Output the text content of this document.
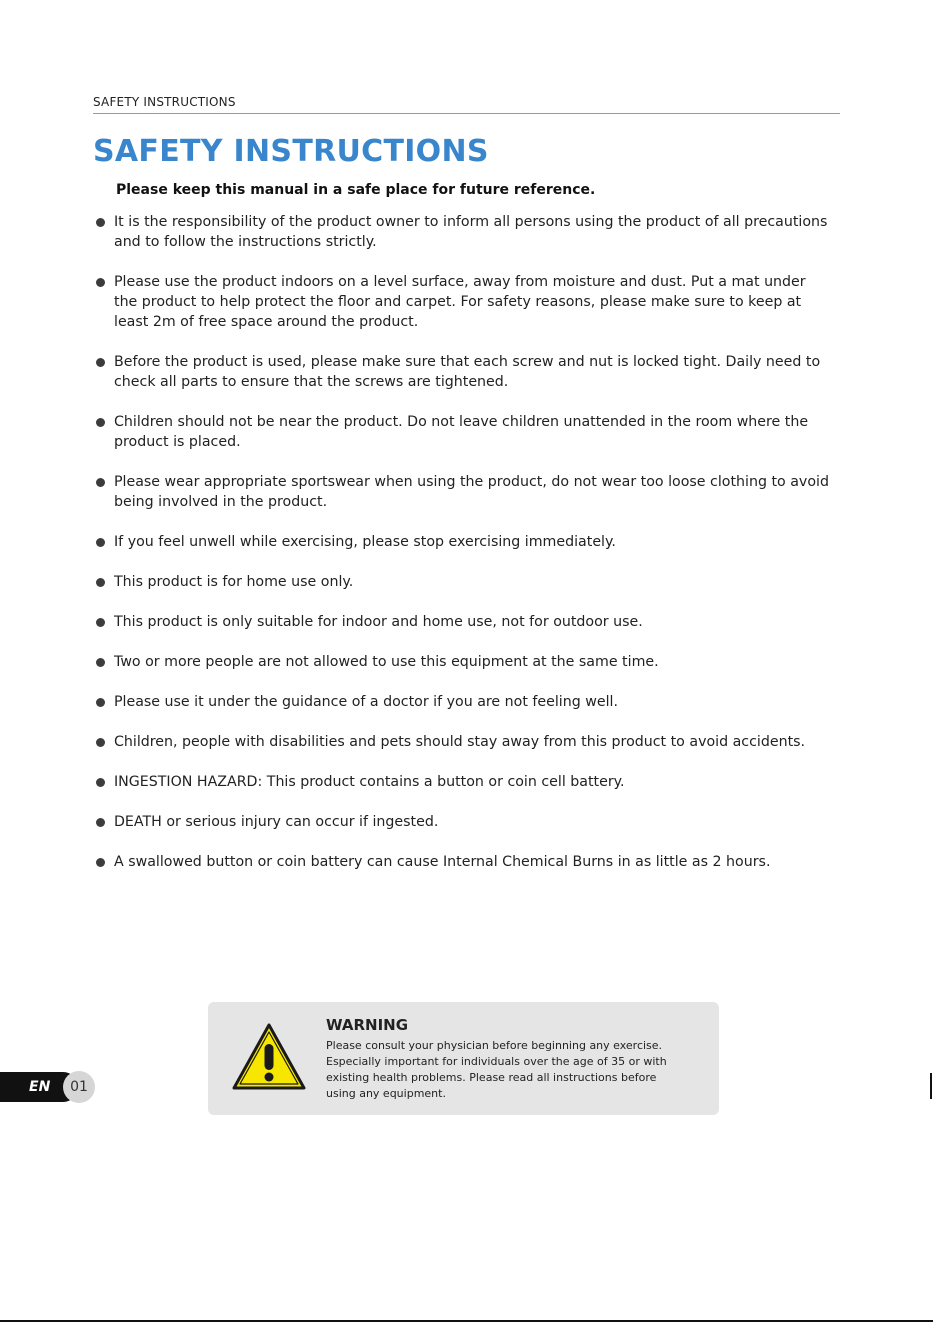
SAFETY INSTRUCTIONS
SAFETY INSTRUCTIONS
Please keep this manual in a safe place for future reference.
It is the responsibility of the product owner to inform all persons using the product of all precautions and to follow the instructions strictly.
Please use the product indoors on a level surface, away from moisture and dust. Put a mat under the product to help protect the floor and carpet. For safety reasons, please make sure to keep at least 2m of free space around the product.
Before the product is used, please make sure that each screw and nut is locked tight. Daily need to check all parts to ensure that the screws are tightened.
Children should not be near the product. Do not leave children unattended in the room where the product is placed.
Please wear appropriate sportswear when using the product, do not wear too loose clothing to avoid being involved in the product.
If you feel unwell while exercising, please stop exercising immediately.
This product is for home use only.
This product is only suitable for indoor and home use, not for outdoor use.
Two or more people are not allowed to use this equipment at the same time.
Please use it under the guidance of a doctor if you are not feeling well.
Children, people with disabilities and pets should stay away from this product to avoid accidents.
INGESTION HAZARD: This product contains a button or coin cell battery.
DEATH or serious injury can occur if ingested.
A swallowed button or coin battery can cause Internal Chemical Burns in as little as 2 hours.
EN	01
WARNING
Please consult your physician before beginning any exercise.
Especially important for individuals over the age of 35 or with
existing health problems. Please read all instructions before
using any equipment.
